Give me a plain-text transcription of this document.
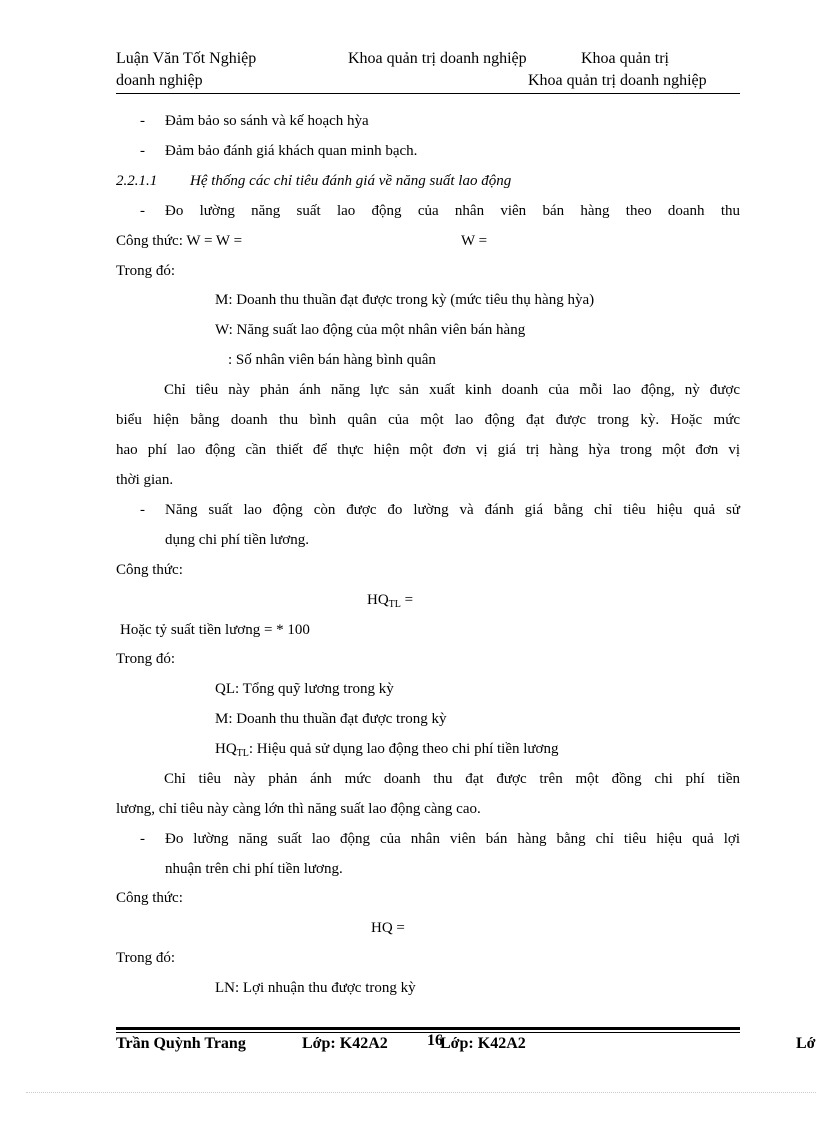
Luận Văn Tốt Nghiệp	Khoa quản trị doanh nghiệp	Khoa quản trị
doanh nghiệp	Khoa quản trị doanh nghiệp
- Đảm bảo so sánh và kế hoạch hỳa
- Đảm bảo đánh giá khách quan minh bạch.
2.2.1.1 Hệ thống các chỉ tiêu đánh giá về năng suất lao động
- Đo lường năng suất lao động của nhân viên bán hàng theo doanh thu
Công thức: W = W =	W =
Trong đó:
M: Doanh thu thuần đạt được trong kỳ (mức tiêu thụ hàng hỳa)
W: Năng suất lao động của một nhân viên bán hàng
: Số nhân viên bán hàng bình quân
Chỉ tiêu này phản ánh năng lực sản xuất kinh doanh của mỗi lao động, nỳ được
biểu hiện bằng doanh thu bình quân của một lao động đạt được trong kỳ. Hoặc mức
hao phí lao động cần thiết để thực hiện một đơn vị giá trị hàng hỳa trong một đơn vị
thời gian.
- Năng suất lao động còn được đo lường và đánh giá bằng chỉ tiêu hiệu quả sử
dụng chi phí tiền lương.
Công thức:
$HQ_{TL}$ =
Hoặc tỷ suất tiền lương = * 100
Trong đó:
QL: Tổng quỹ lương trong kỳ
M: Doanh thu thuần đạt được trong kỳ
$HQ_{TL}$: Hiệu quả sử dụng lao động theo chi phí tiền lương
Chỉ tiêu này phản ánh mức doanh thu đạt được trên một đồng chi phí tiền
lương, chỉ tiêu này càng lớn thì năng suất lao động càng cao.
- Đo lường năng suất lao động của nhân viên bán hàng bằng chỉ tiêu hiệu quả lợi
nhuận trên chi phí tiền lương.
Công thức:
HQ =
Trong đó:
LN: Lợi nhuận thu được trong kỳ
Trần Quỳnh Trang	Lớp: K42A2 16
Lớp: K42A2	Lớ
